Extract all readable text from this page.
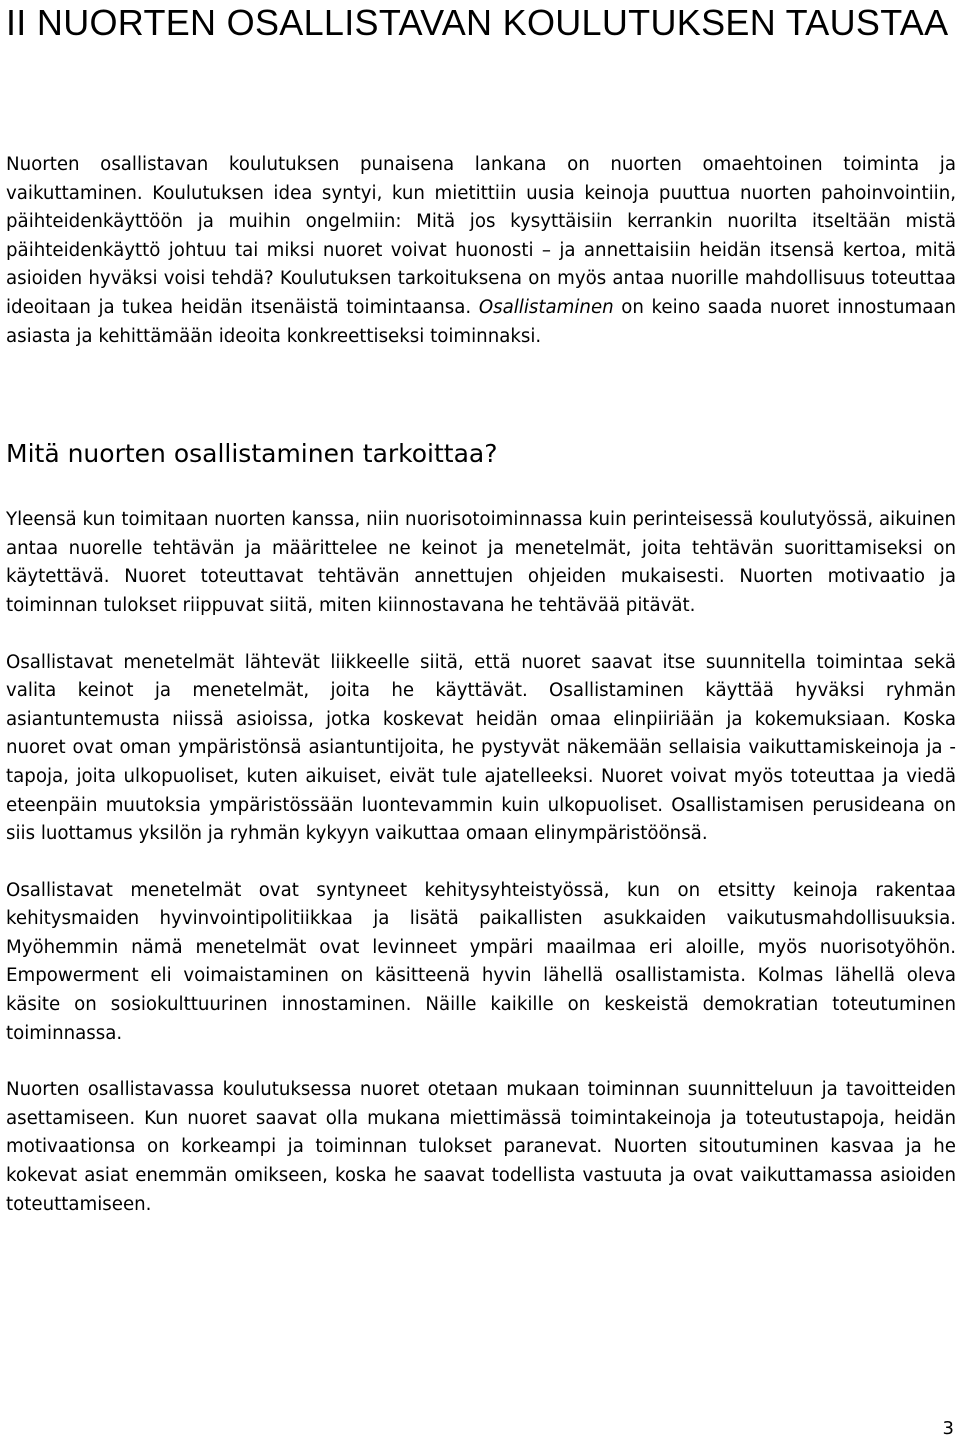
II NUORTEN OSALLISTAVAN KOULUTUKSEN TAUSTAA

Nuorten osallistavan koulutuksen punaisena lankana on nuorten omaehtoinen toiminta ja vaikuttaminen. Koulutuksen idea syntyi, kun mietittiin uusia keinoja puuttua nuorten pahoinvointiin, päihteidenkäyttöön ja muihin ongelmiin: Mitä jos kysyttäisiin kerrankin nuorilta itseltään mistä päihteidenkäyttö johtuu tai miksi nuoret voivat huonosti – ja annettaisiin heidän itsensä kertoa, mitä asioiden hyväksi voisi tehdä? Koulutuksen tarkoituksena on myös antaa nuorille mahdollisuus toteuttaa ideoitaan ja tukea heidän itsenäistä toimintaansa. Osallistaminen on keino saada nuoret innostumaan asiasta ja kehittämään ideoita konkreettiseksi toiminnaksi.

Mitä nuorten osallistaminen tarkoittaa?

Yleensä kun toimitaan nuorten kanssa, niin nuorisotoiminnassa kuin perinteisessä koulutyössä, aikuinen antaa nuorelle tehtävän ja määrittelee ne keinot ja menetelmät, joita tehtävän suorittamiseksi on käytettävä. Nuoret toteuttavat tehtävän annettujen ohjeiden mukaisesti. Nuorten motivaatio ja toiminnan tulokset riippuvat siitä, miten kiinnostavana he tehtävää pitävät.

Osallistavat menetelmät lähtevät liikkeelle siitä, että nuoret saavat itse suunnitella toimintaa sekä valita keinot ja menetelmät, joita he käyttävät. Osallistaminen käyttää hyväksi ryhmän asiantuntemusta niissä asioissa, jotka koskevat heidän omaa elinpiiriään ja kokemuksiaan. Koska nuoret ovat oman ympäristönsä asiantuntijoita, he pystyvät näkemään sellaisia vaikuttamiskeinoja ja -tapoja, joita ulkopuoliset, kuten aikuiset, eivät tule ajatelleeksi. Nuoret voivat myös toteuttaa ja viedä eteenpäin muutoksia ympäristössään luontevammin kuin ulkopuoliset. Osallistamisen perusideana on siis luottamus yksilön ja ryhmän kykyyn vaikuttaa omaan elinympäristöönsä.

Osallistavat menetelmät ovat syntyneet kehitysyhteistyössä, kun on etsitty keinoja rakentaa kehitysmaiden hyvinvointipolitiikkaa ja lisätä paikallisten asukkaiden vaikutusmahdollisuuksia. Myöhemmin nämä menetelmät ovat levinneet ympäri maailmaa eri aloille, myös nuorisotyöhön. Empowerment eli voimaistaminen on käsitteenä hyvin lähellä osallistamista. Kolmas lähellä oleva käsite on sosiokulttuurinen innostaminen. Näille kaikille on keskeistä demokratian toteutuminen toiminnassa.

Nuorten osallistavassa koulutuksessa nuoret otetaan mukaan toiminnan suunnitteluun ja tavoitteiden asettamiseen. Kun nuoret saavat olla mukana miettimässä toimintakeinoja ja toteutustapoja, heidän motivaationsa on korkeampi ja toiminnan tulokset paranevat. Nuorten sitoutuminen kasvaa ja he kokevat asiat enemmän omikseen, koska he saavat todellista vastuuta ja ovat vaikuttamassa asioiden toteuttamiseen.

3
